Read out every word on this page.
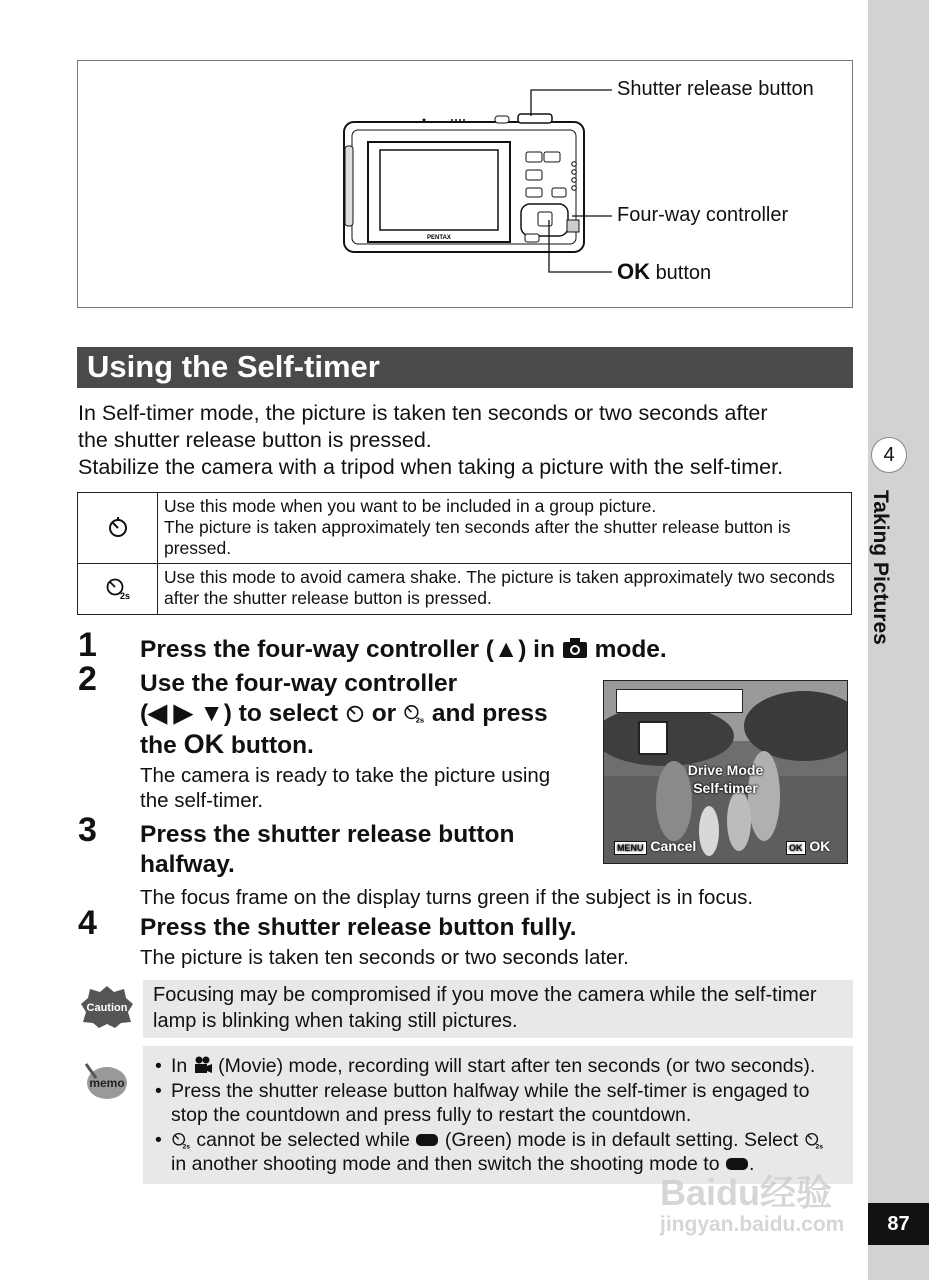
4
Taking Pictures
87
PENTAX
Shutter release button
Four-way controller
OK button
Using the Self-timer
In Self-timer mode, the picture is taken ten seconds or two seconds after
the shutter release button is pressed.
Stabilize the camera with a tripod when taking a picture with the self-timer.

Use this mode when you want to be included in a group picture.
The picture is taken approximately ten seconds after the shutter release button is pressed.

2s	Use this mode to avoid camera shake. The picture is taken approximately two seconds after the shutter release button is pressed.
1 Press the four-way controller (▲) in mode.
2 Use the four-way controller
(◀ ▶ ▼) to select or 2s and press
the OK button.
The camera is ready to take the picture using the self-timer.
Drive Mode
Self-timer
MENU Cancel	OK OK
3 Press the shutter release button halfway.
The focus frame on the display turns green if the subject is in focus.
4 Press the shutter release button fully.
The picture is taken ten seconds or two seconds later.
Caution
Focusing may be compromised if you move the camera while the self-timer lamp is blinking when taking still pictures.
memo
• In (Movie) mode, recording will start after ten seconds (or two seconds).
• Press the shutter release button halfway while the self-timer is engaged to stop the countdown and press fully to restart the countdown.
• 2s cannot be selected while (Green) mode is in default setting. Select 2s
in another shooting mode and then switch the shooting mode to .
Baidu经验
jingyan.baidu.com
